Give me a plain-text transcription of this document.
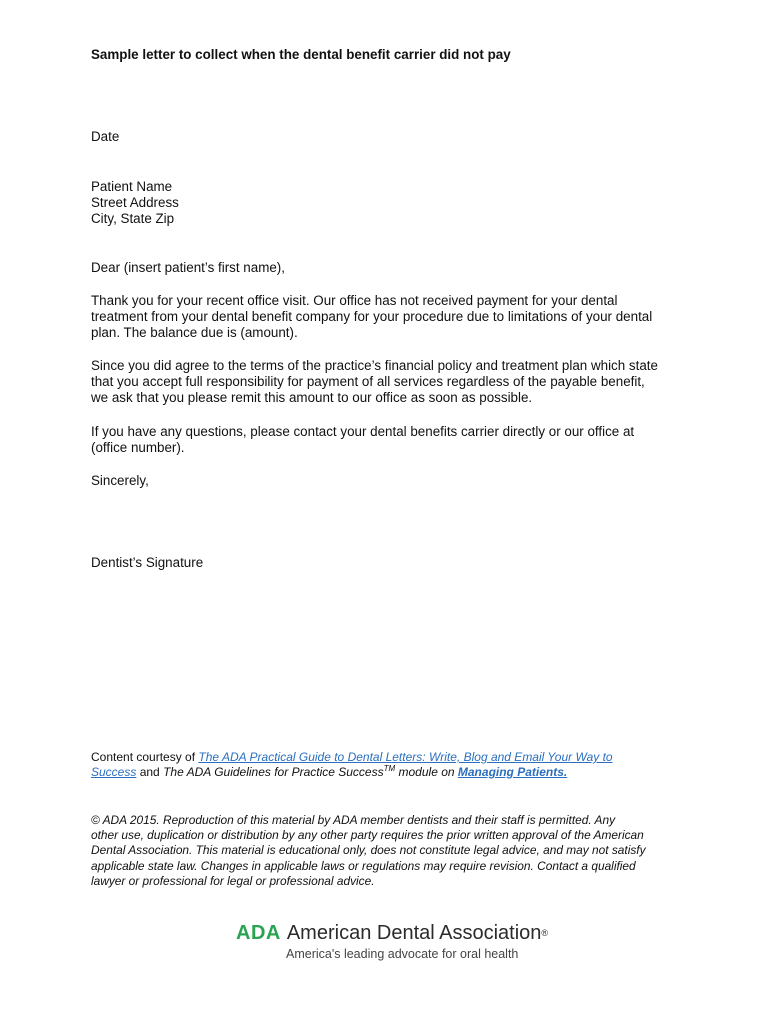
Sample letter to collect when the dental benefit carrier did not pay
Date
Patient Name
Street Address
City, State Zip
Dear (insert patient’s first name),
Thank you for your recent office visit. Our office has not received payment for your dental
treatment from your dental benefit company for your procedure due to limitations of your dental
plan. The balance due is (amount).
Since you did agree to the terms of the practice’s financial policy and treatment plan which state
that you accept full responsibility for payment of all services regardless of the payable benefit,
we ask that you please remit this amount to our office as soon as possible.
If you have any questions, please contact your dental benefits carrier directly or our office at
(office number).
Sincerely,
Dentist’s Signature
Content courtesy of The ADA Practical Guide to Dental Letters: Write, Blog and Email Your Way to
Success and The ADA Guidelines for Practice Success™ module on Managing Patients.
© ADA 2015. Reproduction of this material by ADA member dentists and their staff is permitted. Any
other use, duplication or distribution by any other party requires the prior written approval of the American
Dental Association. This material is educational only, does not constitute legal advice, and may not satisfy
applicable state law. Changes in applicable laws or regulations may require revision. Contact a qualified
lawyer or professional for legal or professional advice.
ADA American Dental Association®
America's leading advocate for oral health
